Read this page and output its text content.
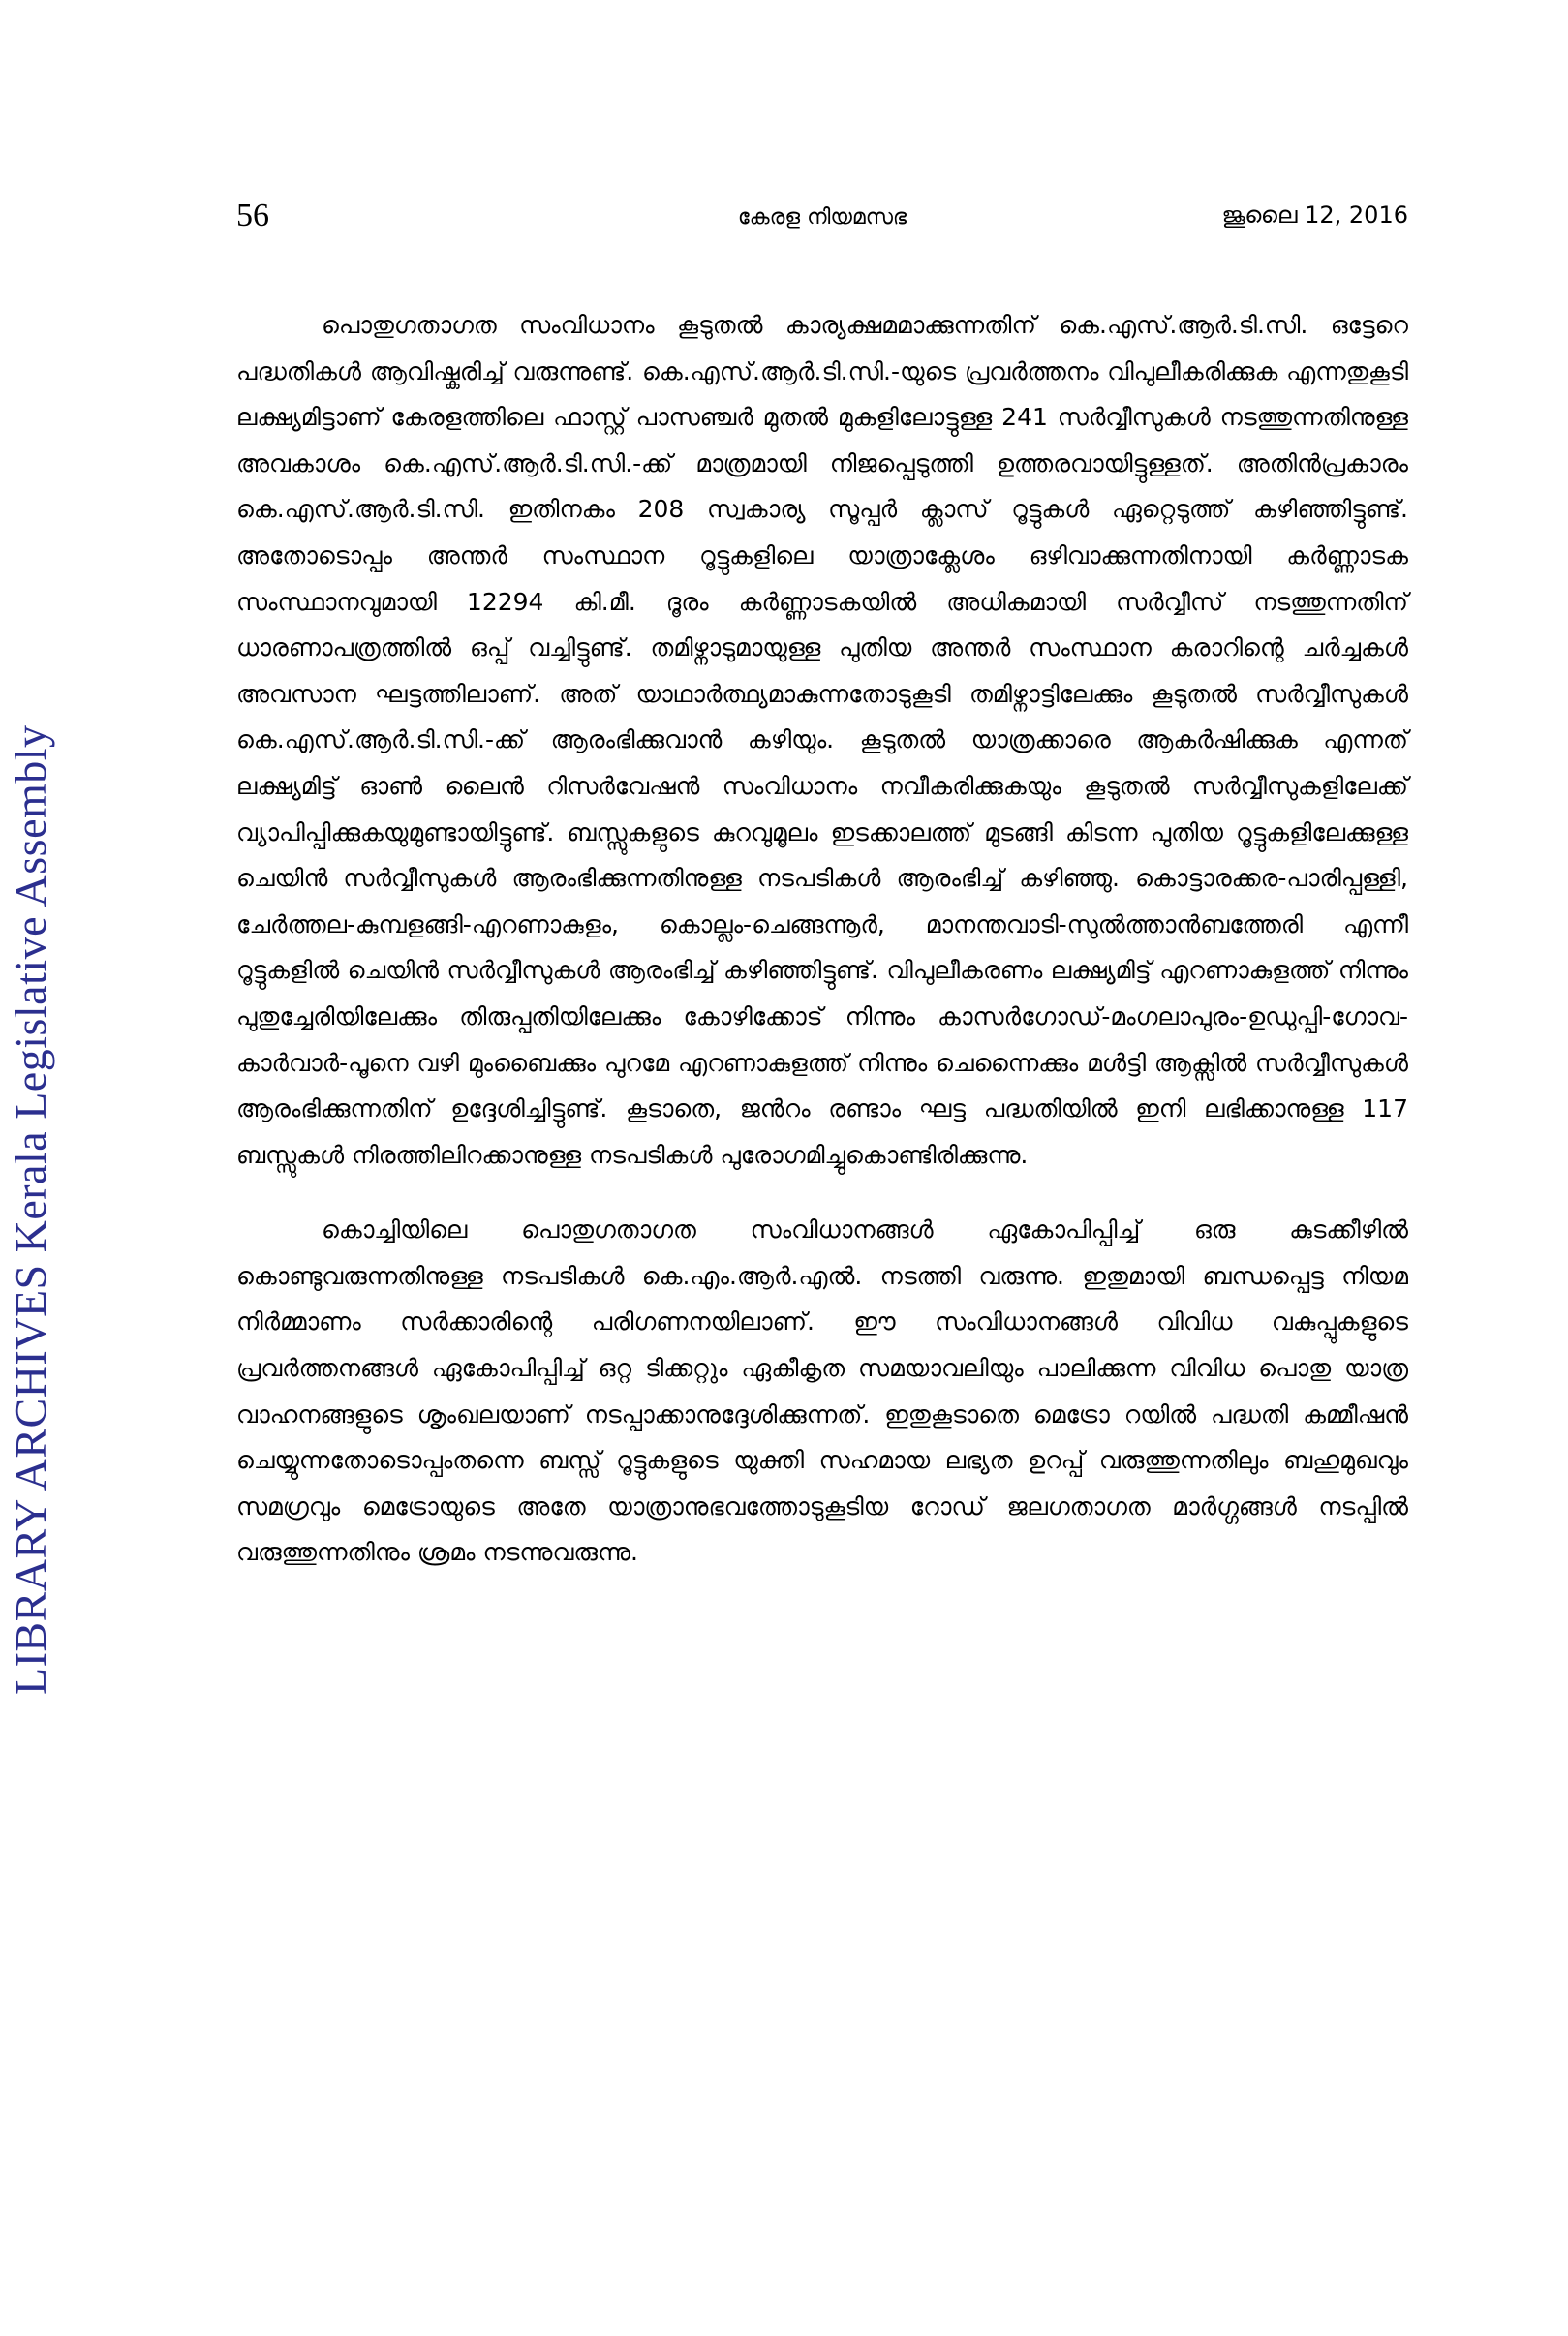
LIBRARY ARCHIVES Kerala Legislative Assembly
56	കേരള നിയമസഭ	ജൂലൈ 12, 2016

പൊതുഗതാഗത സംവിധാനം കൂടുതൽ കാര്യക്ഷമമാക്കുന്നതിന് കെ.എസ്.ആർ.ടി.സി. ഒട്ടേറെ പദ്ധതികൾ ആവിഷ്കരിച്ച് വരുന്നുണ്ട്. കെ.എസ്.ആർ.ടി.സി.-യുടെ പ്രവർത്തനം വിപുലീകരിക്കുക എന്നതുകൂടി ലക്ഷ്യമിട്ടാണ് കേരളത്തിലെ ഫാസ്റ്റ് പാസഞ്ചർ മുതൽ മുകളിലോട്ടുള്ള 241 സർവ്വീസുകൾ നടത്തുന്നതിനുള്ള അവകാശം കെ.എസ്.ആർ.ടി.സി.-ക്ക് മാത്രമായി നിജപ്പെടുത്തി ഉത്തരവായിട്ടുള്ളത്. അതിൻപ്രകാരം കെ.എസ്.ആർ.ടി.സി. ഇതിനകം 208 സ്വകാര്യ സൂപ്പർ ക്ലാസ് റൂട്ടുകൾ ഏറ്റെടുത്ത് കഴിഞ്ഞിട്ടുണ്ട്. അതോടൊപ്പം അന്തർ സംസ്ഥാന റൂട്ടുകളിലെ യാത്രാക്ലേശം ഒഴിവാക്കുന്നതിനായി കർണ്ണാടക സംസ്ഥാനവുമായി 12294 കി.മീ. ദൂരം കർണ്ണാടകയിൽ അധികമായി സർവ്വീസ് നടത്തുന്നതിന് ധാരണാപത്രത്തിൽ ഒപ്പ് വച്ചിട്ടുണ്ട്. തമിഴ്നാടുമായുള്ള പുതിയ അന്തർ സംസ്ഥാന കരാറിന്റെ ചർച്ചകൾ അവസാന ഘട്ടത്തിലാണ്. അത് യാഥാർത്ഥ്യമാകുന്നതോടുകൂടി തമിഴ്നാട്ടിലേക്കും കൂടുതൽ സർവ്വീസുകൾ കെ.എസ്.ആർ.ടി.സി.-ക്ക് ആരംഭിക്കുവാൻ കഴിയും. കൂടുതൽ യാത്രക്കാരെ ആകർഷിക്കുക എന്നത് ലക്ഷ്യമിട്ട് ഓൺ ലൈൻ റിസർവേഷൻ സംവിധാനം നവീകരിക്കുകയും കൂടുതൽ സർവ്വീസുകളിലേക്ക് വ്യാപിപ്പിക്കുകയുമുണ്ടായിട്ടുണ്ട്. ബസ്സുകളുടെ കുറവുമൂലം ഇടക്കാലത്ത് മുടങ്ങി കിടന്ന പുതിയ റൂട്ടുകളിലേക്കുള്ള ചെയിൻ സർവ്വീസുകൾ ആരംഭിക്കുന്നതിനുള്ള നടപടികൾ ആരംഭിച്ച് കഴിഞ്ഞു. കൊട്ടാരക്കര-പാരിപ്പള്ളി, ചേർത്തല-കുമ്പളങ്ങി-എറണാകുളം, കൊല്ലം-ചെങ്ങന്നൂർ, മാനന്തവാടി-സുൽത്താൻബത്തേരി എന്നീ റൂട്ടുകളിൽ ചെയിൻ സർവ്വീസുകൾ ആരംഭിച്ച് കഴിഞ്ഞിട്ടുണ്ട്. വിപുലീകരണം ലക്ഷ്യമിട്ട് എറണാകുളത്ത് നിന്നും പുതുച്ചേരിയിലേക്കും തിരുപ്പതിയിലേക്കും കോഴിക്കോട് നിന്നും കാസർഗോഡ്-മംഗലാപുരം-ഉഡുപ്പി-ഗോവ-കാർവാർ-പൂനെ വഴി മുംബൈക്കും പുറമേ എറണാകുളത്ത് നിന്നും ചെന്നൈക്കും മൾട്ടി ആക്സിൽ സർവ്വീസുകൾ ആരംഭിക്കുന്നതിന് ഉദ്ദേശിച്ചിട്ടുണ്ട്. കൂടാതെ, ജൻറം രണ്ടാം ഘട്ട പദ്ധതിയിൽ ഇനി ലഭിക്കാനുള്ള 117 ബസ്സുകൾ നിരത്തിലിറക്കാനുള്ള നടപടികൾ പുരോഗമിച്ചുകൊണ്ടിരിക്കുന്നു.

കൊച്ചിയിലെ പൊതുഗതാഗത സംവിധാനങ്ങൾ ഏകോപിപ്പിച്ച് ഒരു കുടക്കീഴിൽ കൊണ്ടുവരുന്നതിനുള്ള നടപടികൾ കെ.എം.ആർ.എൽ. നടത്തി വരുന്നു. ഇതുമായി ബന്ധപ്പെട്ട നിയമ നിർമ്മാണം സർക്കാരിന്റെ പരിഗണനയിലാണ്. ഈ സംവിധാനങ്ങൾ വിവിധ വകുപ്പുകളുടെ പ്രവർത്തനങ്ങൾ ഏകോപിപ്പിച്ച് ഒറ്റ ടിക്കറ്റും ഏകീകൃത സമയാവലിയും പാലിക്കുന്ന വിവിധ പൊതു യാത്ര വാഹനങ്ങളുടെ ശൃംഖലയാണ് നടപ്പാക്കാനുദ്ദേശിക്കുന്നത്. ഇതുകൂടാതെ മെട്രോ റയിൽ പദ്ധതി കമ്മീഷൻ ചെയ്യുന്നതോടൊപ്പംതന്നെ ബസ്സ് റൂട്ടുകളുടെ യുക്തി സഹമായ ലഭ്യത ഉറപ്പ് വരുത്തുന്നതിലും ബഹുമുഖവും സമഗ്രവും മെട്രോയുടെ അതേ യാത്രാനുഭവത്തോടുകൂടിയ റോഡ് ജലഗതാഗത മാർഗ്ഗങ്ങൾ നടപ്പിൽ വരുത്തുന്നതിനും ശ്രമം നടന്നുവരുന്നു.
